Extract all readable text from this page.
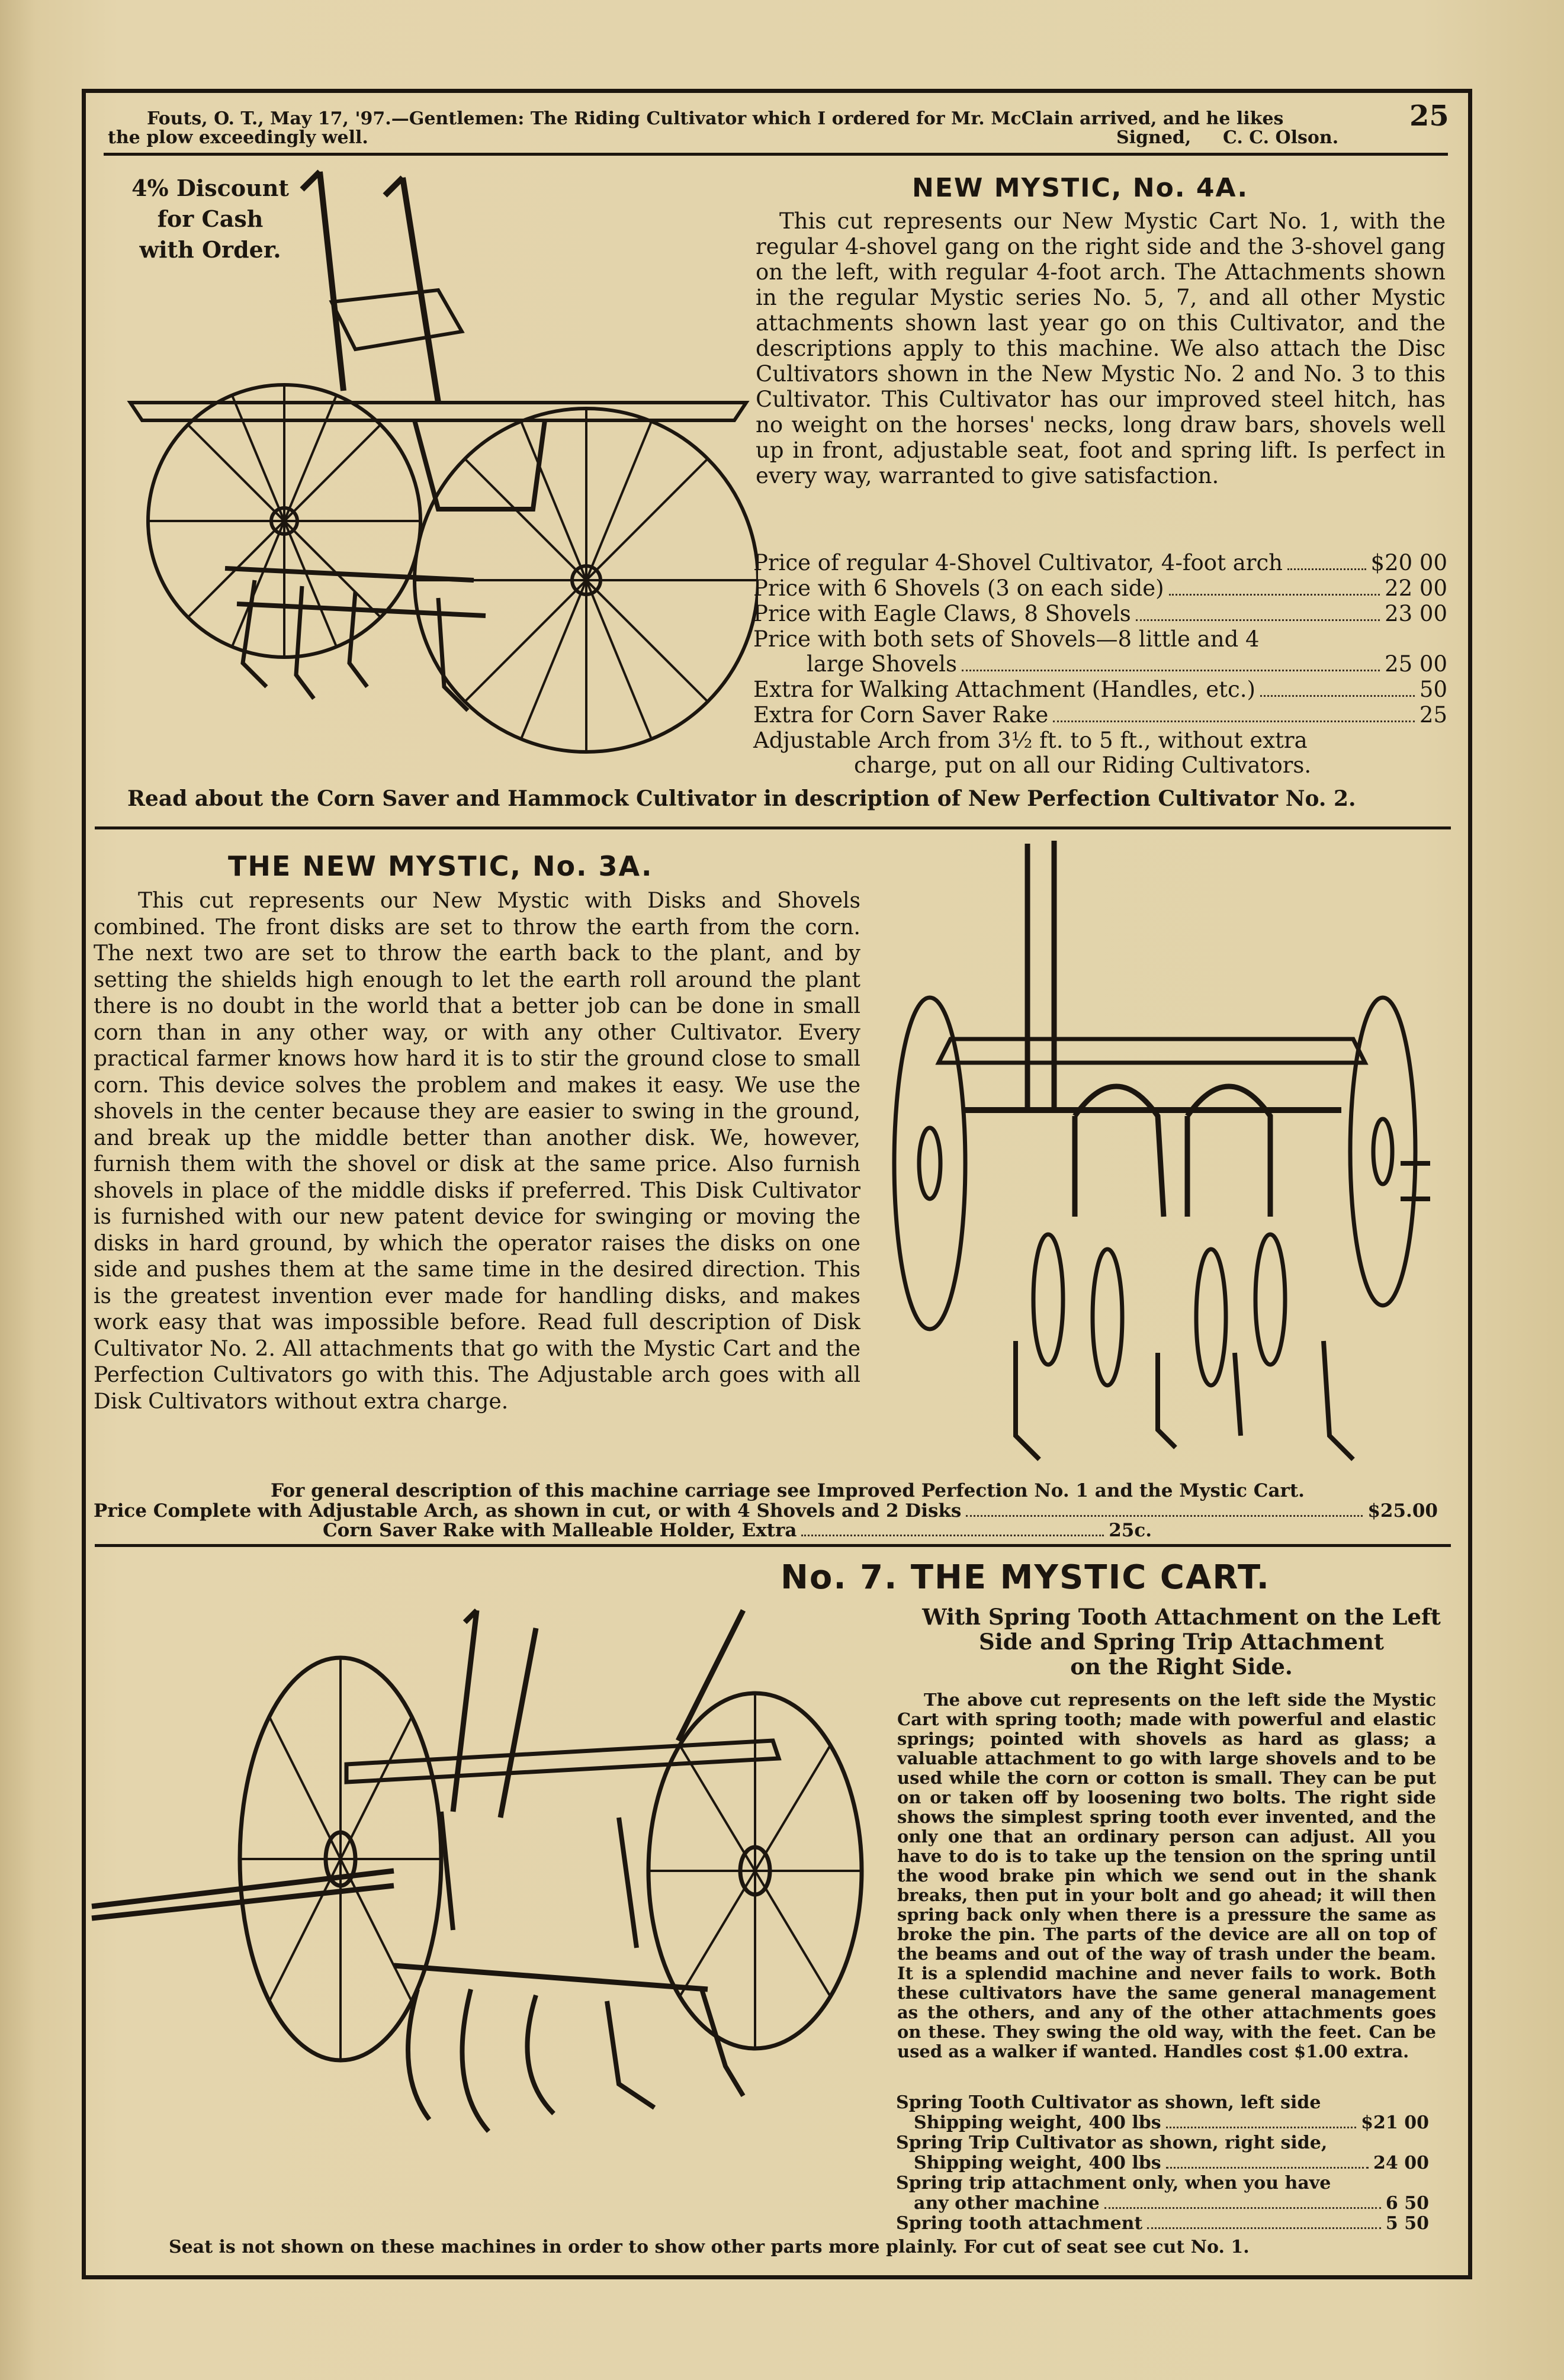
Fouts, O. T., May 17, '97.—Gentlemen: The Riding Cultivator which I ordered for Mr. McClain arrived, and he likes
the plow exceedingly well.	Signed, C. C. Olson.
25
4% Discount
for Cash
with Order.
NEW MYSTIC, No. 4A.
This cut represents our New Mystic Cart No. 1, with the regular 4-shovel gang on the right side and the 3-shovel gang on the left, with regular 4-foot arch. The Attachments shown in the regular Mystic series No. 5, 7, and all other Mystic attachments shown last year go on this Cultivator, and the descriptions apply to this machine. We also attach the Disc Cultivators shown in the New Mystic No. 2 and No. 3 to this Cultivator. This Cultivator has our improved steel hitch, has no weight on the horses' necks, long draw bars, shovels well up in front, adjustable seat, foot and spring lift. Is perfect in every way, warranted to give satisfaction.
Price of regular 4-Shovel Cultivator, 4-foot arch	$20 00
Price with 6 Shovels (3 on each side)	22 00
Price with Eagle Claws, 8 Shovels	23 00
Price with both sets of Shovels—8 little and 4
large Shovels	25 00
Extra for Walking Attachment (Handles, etc.)	50
Extra for Corn Saver Rake	25
Adjustable Arch from 3½ ft. to 5 ft., without extra
charge, put on all our Riding Cultivators.
Read about the Corn Saver and Hammock Cultivator in description of New Perfection Cultivator No. 2.
THE NEW MYSTIC, No. 3A.
This cut represents our New Mystic with Disks and Shovels combined. The front disks are set to throw the earth from the corn. The next two are set to throw the earth back to the plant, and by setting the shields high enough to let the earth roll around the plant there is no doubt in the world that a better job can be done in small corn than in any other way, or with any other Cultivator. Every practical farmer knows how hard it is to stir the ground close to small corn. This device solves the problem and makes it easy. We use the shovels in the center because they are easier to swing in the ground, and break up the middle better than another disk. We, however, furnish them with the shovel or disk at the same price. Also furnish shovels in place of the middle disks if preferred. This Disk Cultivator is furnished with our new patent device for swinging or moving the disks in hard ground, by which the operator raises the disks on one side and pushes them at the same time in the desired direction. This is the greatest invention ever made for handling disks, and makes work easy that was impossible before. Read full description of Disk Cultivator No. 2. All attachments that go with the Mystic Cart and the Perfection Cultivators go with this. The Adjustable arch goes with all Disk Cultivators without extra charge.
For general description of this machine carriage see Improved Perfection No. 1 and the Mystic Cart.
Price Complete with Adjustable Arch, as shown in cut, or with 4 Shovels and 2 Disks	$25.00
Corn Saver Rake with Malleable Holder, Extra	25c.
No. 7. THE MYSTIC CART.
With Spring Tooth Attachment on the Left
Side and Spring Trip Attachment
on the Right Side.
The above cut represents on the left side the Mystic Cart with spring tooth; made with powerful and elastic springs; pointed with shovels as hard as glass; a valuable attachment to go with large shovels and to be used while the corn or cotton is small. They can be put on or taken off by loosening two bolts. The right side shows the simplest spring tooth ever invented, and the only one that an ordinary person can adjust. All you have to do is to take up the tension on the spring until the wood brake pin which we send out in the shank breaks, then put in your bolt and go ahead; it will then spring back only when there is a pressure the same as broke the pin. The parts of the device are all on top of the beams and out of the way of trash under the beam. It is a splendid machine and never fails to work. Both these cultivators have the same general management as the others, and any of the other attachments goes on these. They swing the old way, with the feet. Can be used as a walker if wanted. Handles cost $1.00 extra.
Spring Tooth Cultivator as shown, left side
Shipping weight, 400 lbs	$21 00
Spring Trip Cultivator as shown, right side,
Shipping weight, 400 lbs	24 00
Spring trip attachment only, when you have
any other machine	6 50
Spring tooth attachment	5 50
Seat is not shown on these machines in order to show other parts more plainly. For cut of seat see cut No. 1.
